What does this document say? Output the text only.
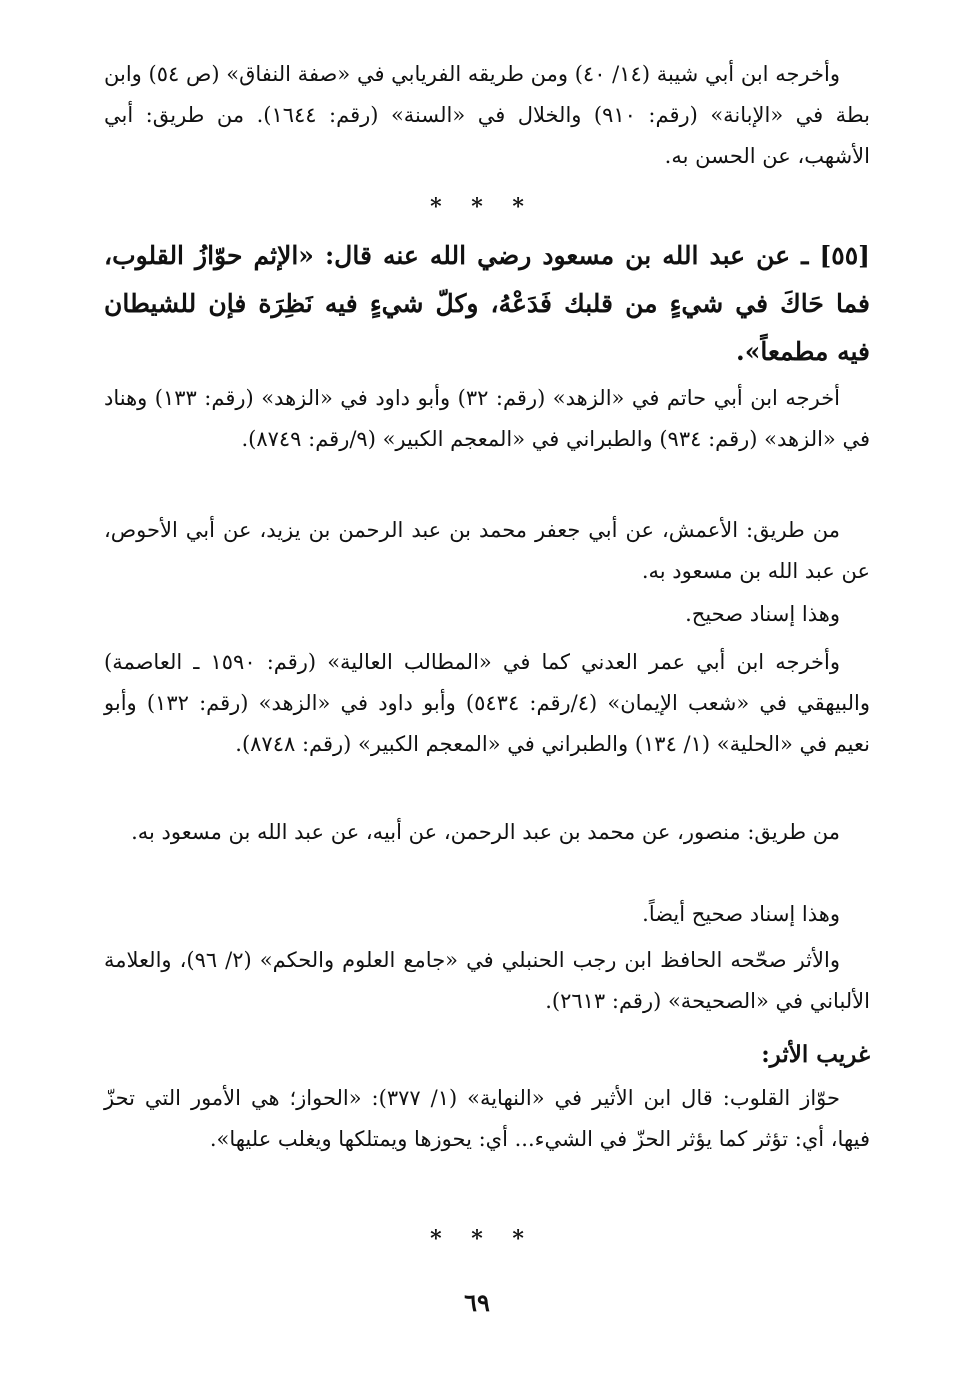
وأخرجه ابن أبي شيبة (١٤/ ٤٠) ومن طريقه الفريابي في «صفة النفاق» (ص ٥٤) وابن بطة في «الإبانة» (رقم: ٩١٠) والخلال في «السنة» (رقم: ١٦٤٤). من طريق: أبي الأشهب، عن الحسن به.
* * *
[٥٥] ـ عن عبد الله بن مسعود رضي الله عنه قال: «الإثم حوّازُ القلوب، فما حَاكَ في شيءٍ من قلبك فَدَعْهُ، وكلّ شيءٍ فيه نَظِرَة فإن للشيطان فيه مطمعاً».
أخرجه ابن أبي حاتم في «الزهد» (رقم: ٣٢) وأبو داود في «الزهد» (رقم: ١٣٣) وهناد في «الزهد» (رقم: ٩٣٤) والطبراني في «المعجم الكبير» (٩/رقم: ٨٧٤٩).
من طريق: الأعمش، عن أبي جعفر محمد بن عبد الرحمن بن يزيد، عن أبي الأحوص، عن عبد الله بن مسعود به.
وهذا إسناد صحيح.
وأخرجه ابن أبي عمر العدني كما في «المطالب العالية» (رقم: ١٥٩٠ ـ العاصمة) والبيهقي في «شعب الإيمان» (٤/رقم: ٥٤٣٤) وأبو داود في «الزهد» (رقم: ١٣٢) وأبو نعيم في «الحلية» (١/ ١٣٤) والطبراني في «المعجم الكبير» (رقم: ٨٧٤٨).
من طريق: منصور، عن محمد بن عبد الرحمن، عن أبيه، عن عبد الله بن مسعود به.
وهذا إسناد صحيح أيضاً.
والأثر صحّحه الحافظ ابن رجب الحنبلي في «جامع العلوم والحكم» (٢/ ٩٦)، والعلامة الألباني في «الصحيحة» (رقم: ٢٦١٣).
غريب الأثر:
حوّاز القلوب: قال ابن الأثير في «النهاية» (١/ ٣٧٧): «الحواز؛ هي الأمور التي تحزّ فيها، أي: تؤثر كما يؤثر الحزّ في الشيء... أي: يحوزها ويمتلكها ويغلب عليها».
* * *
٦٩
